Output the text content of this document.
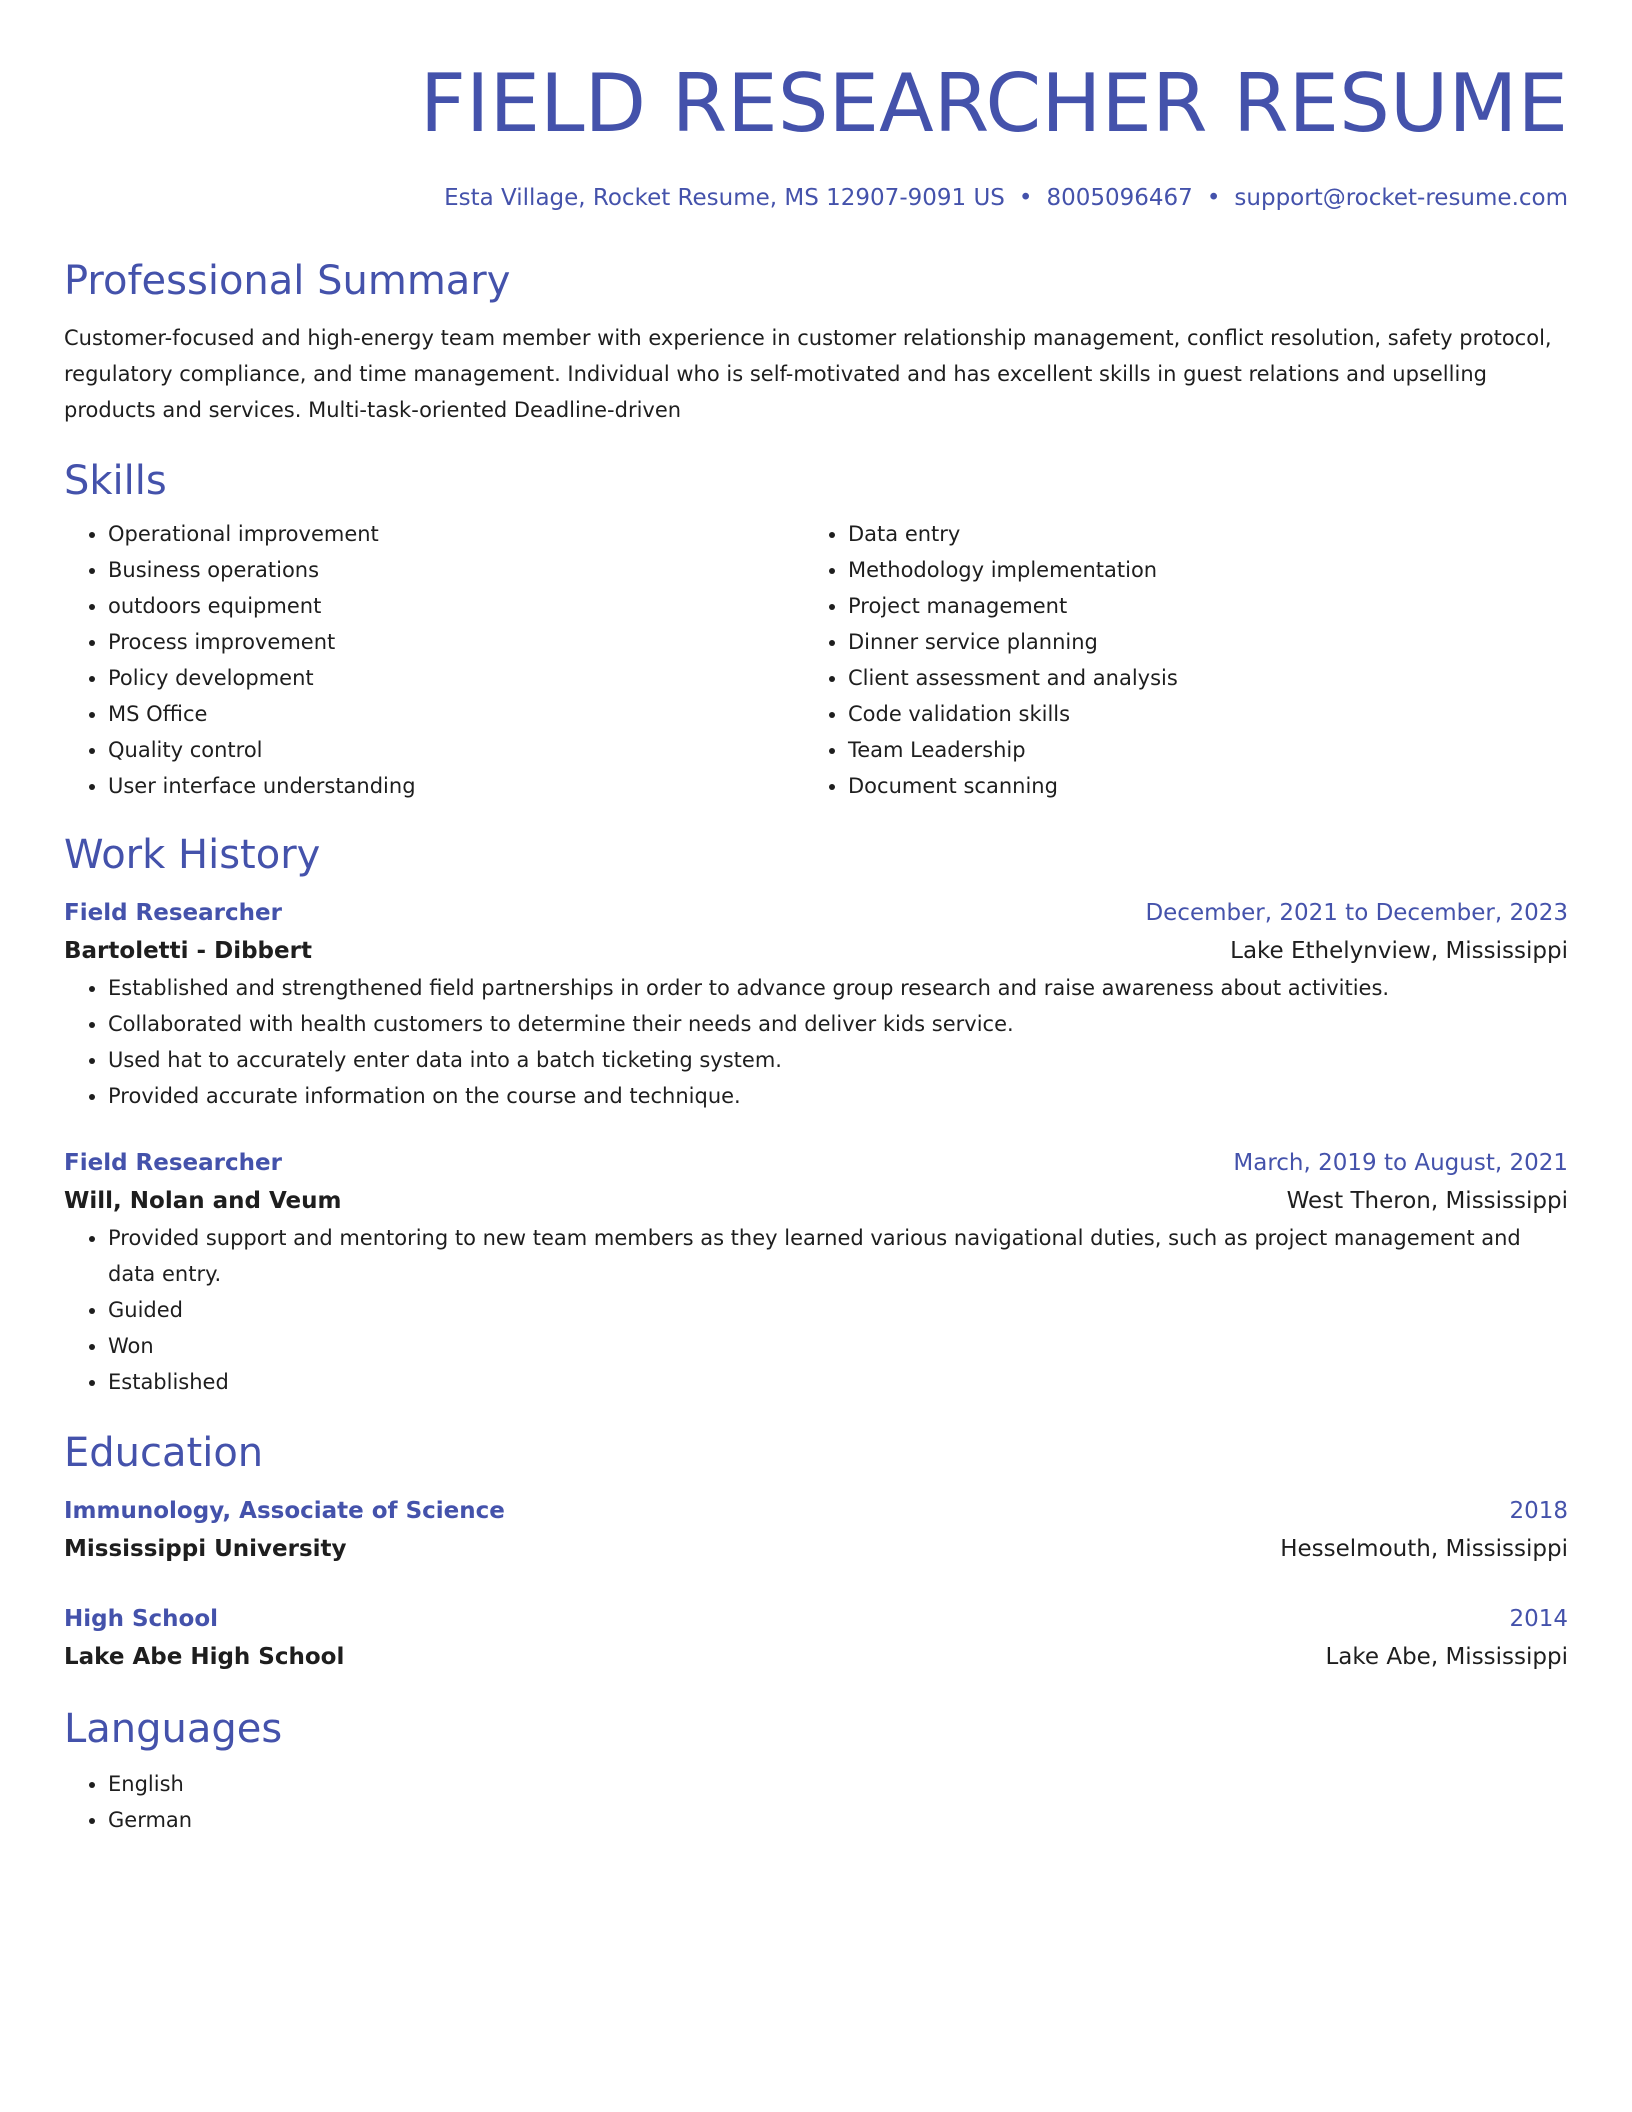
FIELD RESEARCHER RESUME
Esta Village, Rocket Resume, MS 12907-9091 US • 8005096467 • support@rocket-resume.com
Professional Summary

Customer-focused and high-energy team member with experience in customer relationship management, conflict resolution, safety protocol, regulatory compliance, and time management. Individual who is self-motivated and has excellent skills in guest relations and upselling products and services. Multi-task-oriented Deadline-driven

Skills
• Operational improvement
• Business operations
• outdoors equipment
• Process improvement
• Policy development
• MS Office
• Quality control
• User interface understanding
• Data entry
• Methodology implementation
• Project management
• Dinner service planning
• Client assessment and analysis
• Code validation skills
• Team Leadership
• Document scanning
Work History
Field Researcher	December, 2021 to December, 2023
Bartoletti - Dibbert	Lake Ethelynview, Mississippi
• Established and strengthened field partnerships in order to advance group research and raise awareness about activities.
• Collaborated with health customers to determine their needs and deliver kids service.
• Used hat to accurately enter data into a batch ticketing system.
• Provided accurate information on the course and technique.
Field Researcher	March, 2019 to August, 2021
Will, Nolan and Veum	West Theron, Mississippi
• Provided support and mentoring to new team members as they learned various navigational duties, such as project management and data entry.
• Guided
• Won
• Established
Education
Immunology, Associate of Science	2018
Mississippi University	Hesselmouth, Mississippi
High School	2014
Lake Abe High School	Lake Abe, Mississippi
Languages
• English
• German
